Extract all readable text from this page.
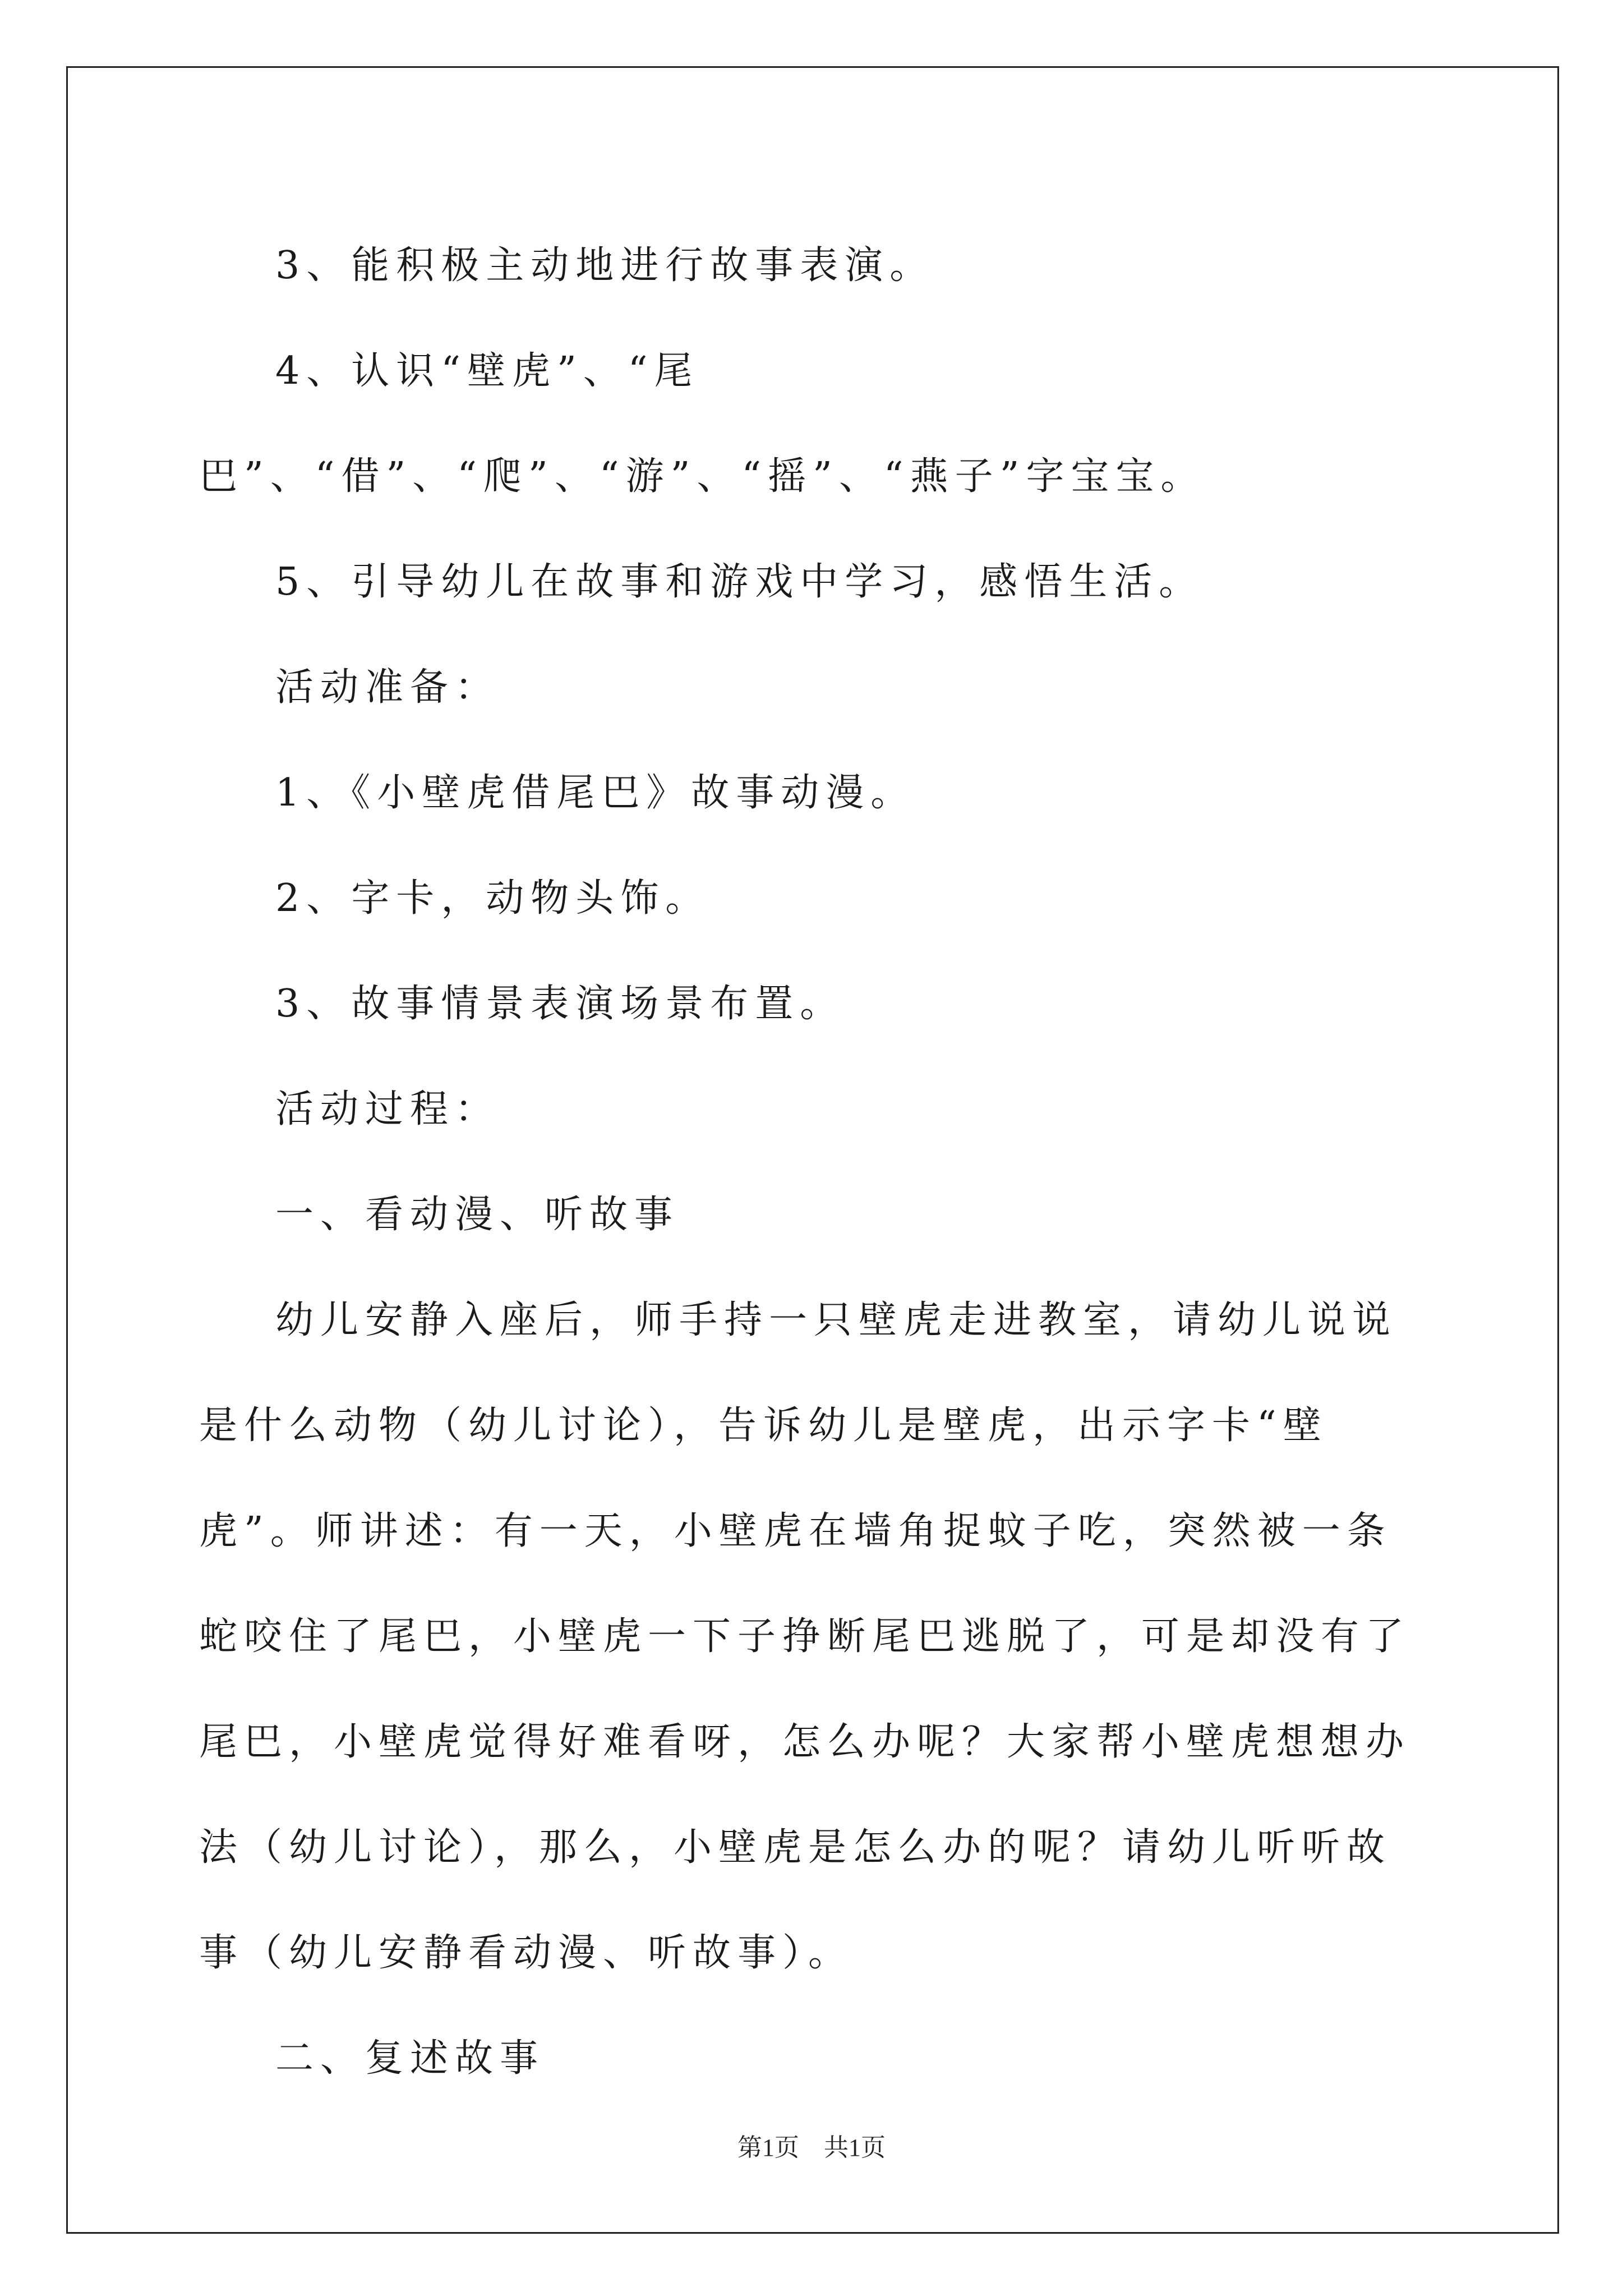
3、能积极主动地进行故事表演。

4、认识“壁虎”、“尾巴”、“借”、“爬”、“游”、“摇”、“燕子”字宝宝。

5、引导幼儿在故事和游戏中学习，感悟生活。

活动准备：

1、《小壁虎借尾巴》故事动漫。

2、字卡，动物头饰。

3、故事情景表演场景布置。

活动过程：

一、看动漫、听故事

幼儿安静入座后，师手持一只壁虎走进教室，请幼儿说说是什么动物（幼儿讨论），告诉幼儿是壁虎，出示字卡“壁虎”。师讲述：有一天，小壁虎在墙角捉蚊子吃，突然被一条蛇咬住了尾巴，小壁虎一下子挣断尾巴逃脱了，可是却没有了尾巴，小壁虎觉得好难看呀，怎么办呢？大家帮小壁虎想想办法（幼儿讨论），那么，小壁虎是怎么办的呢？请幼儿听听故事（幼儿安静看动漫、听故事）。

二、复述故事

第1页　共1页
